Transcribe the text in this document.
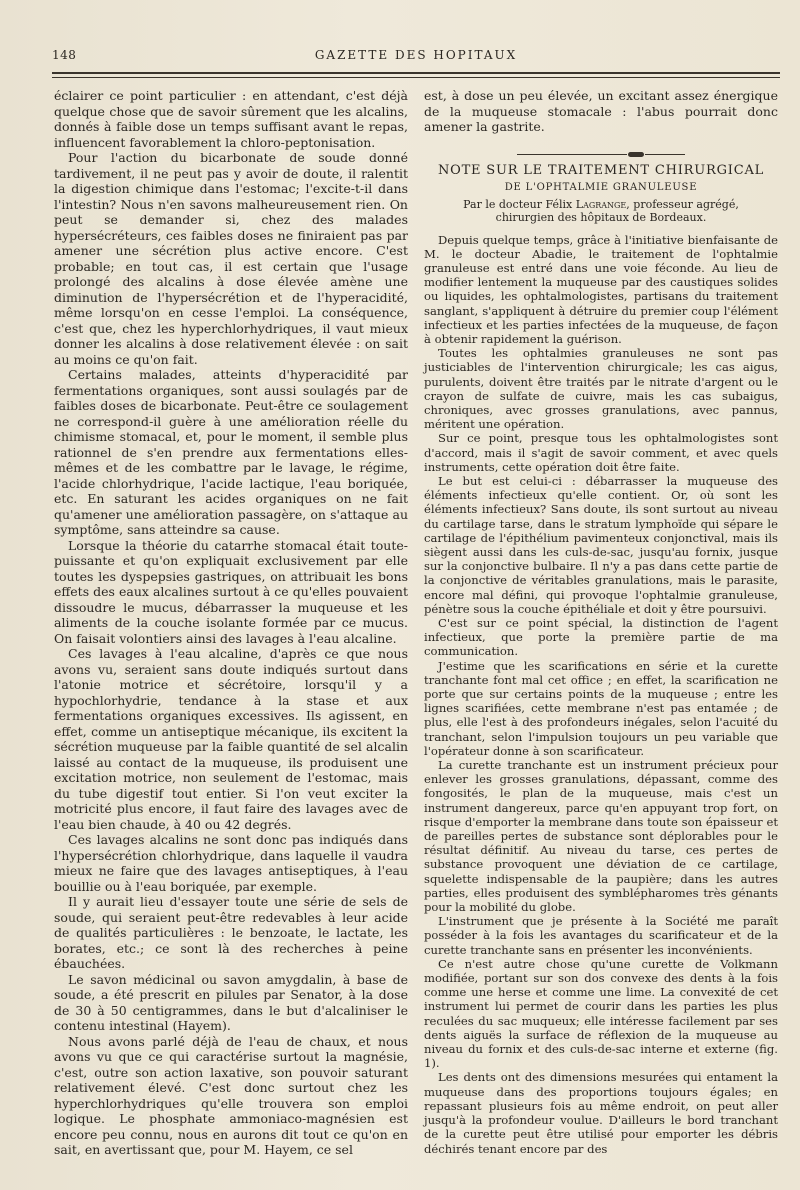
148	GAZETTE DES HOPITAUX

éclairer ce point particulier : en attendant, c'est déjà quelque chose que de savoir sûrement que les alcalins, donnés à faible dose un temps suffisant avant le repas, influencent favorablement la chloro-peptonisation.

Pour l'action du bicarbonate de soude donné tardivement, il ne peut pas y avoir de doute, il ralentit la digestion chimique dans l'estomac; l'excite-t-il dans l'intestin? Nous n'en savons malheureusement rien. On peut se demander si, chez des malades hypersécréteurs, ces faibles doses ne finiraient pas par amener une sécrétion plus active encore. C'est probable; en tout cas, il est certain que l'usage prolongé des alcalins à dose élevée amène une diminution de l'hypersécrétion et de l'hyperacidité, même lorsqu'on en cesse l'emploi. La conséquence, c'est que, chez les hyperchlorhydriques, il vaut mieux donner les alcalins à dose relativement élevée : on sait au moins ce qu'on fait.

Certains malades, atteints d'hyperacidité par fermentations organiques, sont aussi soulagés par de faibles doses de bicarbonate. Peut-être ce soulagement ne correspond-il guère à une amélioration réelle du chimisme stomacal, et, pour le moment, il semble plus rationnel de s'en prendre aux fermentations elles-mêmes et de les combattre par le lavage, le régime, l'acide chlorhydrique, l'acide lactique, l'eau boriquée, etc. En saturant les acides organiques on ne fait qu'amener une amélioration passagère, on s'attaque au symptôme, sans atteindre sa cause.

Lorsque la théorie du catarrhe stomacal était toute-puissante et qu'on expliquait exclusivement par elle toutes les dyspepsies gastriques, on attribuait les bons effets des eaux alcalines surtout à ce qu'elles pouvaient dissoudre le mucus, débarrasser la muqueuse et les aliments de la couche isolante formée par ce mucus. On faisait volontiers ainsi des lavages à l'eau alcaline.

Ces lavages à l'eau alcaline, d'après ce que nous avons vu, seraient sans doute indiqués surtout dans l'atonie motrice et sécrétoire, lorsqu'il y a hypochlorhydrie, tendance à la stase et aux fermentations organiques excessives. Ils agissent, en effet, comme un antiseptique mécanique, ils excitent la sécrétion muqueuse par la faible quantité de sel alcalin laissé au contact de la muqueuse, ils produisent une excitation motrice, non seulement de l'estomac, mais du tube digestif tout entier. Si l'on veut exciter la motricité plus encore, il faut faire des lavages avec de l'eau bien chaude, à 40 ou 42 degrés.

Ces lavages alcalins ne sont donc pas indiqués dans l'hypersécrétion chlorhydrique, dans laquelle il vaudra mieux ne faire que des lavages antiseptiques, à l'eau bouillie ou à l'eau boriquée, par exemple.

Il y aurait lieu d'essayer toute une série de sels de soude, qui seraient peut-être redevables à leur acide de qualités particulières : le benzoate, le lactate, les borates, etc.; ce sont là des recherches à peine ébauchées.

Le savon médicinal ou savon amygdalin, à base de soude, a été prescrit en pilules par Senator, à la dose de 30 à 50 centigrammes, dans le but d'alcaliniser le contenu intestinal (Hayem).

Nous avons parlé déjà de l'eau de chaux, et nous avons vu que ce qui caractérise surtout la magnésie, c'est, outre son action laxative, son pouvoir saturant relativement élevé. C'est donc surtout chez les hyperchlorhydriques qu'elle trouvera son emploi logique. Le phosphate ammoniaco-magnésien est encore peu connu, nous en aurons dit tout ce qu'on en sait, en avertissant que, pour M. Hayem, ce sel

est, à dose un peu élevée, un excitant assez énergique de la muqueuse stomacale : l'abus pourrait donc amener la gastrite.

NOTE SUR LE TRAITEMENT CHIRURGICAL
DE L'OPHTALMIE GRANULEUSE
Par le docteur Félix Lagrange, professeur agrégé, chirurgien des hôpitaux de Bordeaux.

Depuis quelque temps, grâce à l'initiative bienfaisante de M. le docteur Abadie, le traitement de l'ophtalmie granuleuse est entré dans une voie féconde. Au lieu de modifier lentement la muqueuse par des caustiques solides ou liquides, les ophtalmologistes, partisans du traitement sanglant, s'appliquent à détruire du premier coup l'élément infectieux et les parties infectées de la muqueuse, de façon à obtenir rapidement la guérison.

Toutes les ophtalmies granuleuses ne sont pas justiciables de l'intervention chirurgicale; les cas aigus, purulents, doivent être traités par le nitrate d'argent ou le crayon de sulfate de cuivre, mais les cas subaigus, chroniques, avec grosses granulations, avec pannus, méritent une opération.

Sur ce point, presque tous les ophtalmologistes sont d'accord, mais il s'agit de savoir comment, et avec quels instruments, cette opération doit être faite.

Le but est celui-ci : débarrasser la muqueuse des éléments infectieux qu'elle contient. Or, où sont les éléments infectieux? Sans doute, ils sont surtout au niveau du cartilage tarse, dans le stratum lymphoïde qui sépare le cartilage de l'épithélium pavimenteux conjonctival, mais ils siègent aussi dans les culs-de-sac, jusqu'au fornix, jusque sur la conjonctive bulbaire. Il n'y a pas dans cette partie de la conjonctive de véritables granulations, mais le parasite, encore mal défini, qui provoque l'ophtalmie granuleuse, pénètre sous la couche épithéliale et doit y être poursuivi.

C'est sur ce point spécial, la distinction de l'agent infectieux, que porte la première partie de ma communication.

J'estime que les scarifications en série et la curette tranchante font mal cet office ; en effet, la scarification ne porte que sur certains points de la muqueuse ; entre les lignes scarifiées, cette membrane n'est pas entamée ; de plus, elle l'est à des profondeurs inégales, selon l'acuité du tranchant, selon l'impulsion toujours un peu variable que l'opérateur donne à son scarificateur.

La curette tranchante est un instrument précieux pour enlever les grosses granulations, dépassant, comme des fongosités, le plan de la muqueuse, mais c'est un instrument dangereux, parce qu'en appuyant trop fort, on risque d'emporter la membrane dans toute son épaisseur et de pareilles pertes de substance sont déplorables pour le résultat définitif. Au niveau du tarse, ces pertes de substance provoquent une déviation de ce cartilage, squelette indispensable de la paupière; dans les autres parties, elles produisent des symblépharomes très génants pour la mobilité du globe.

L'instrument que je présente à la Société me paraît posséder à la fois les avantages du scarificateur et de la curette tranchante sans en présenter les inconvénients.

Ce n'est autre chose qu'une curette de Volkmann modifiée, portant sur son dos convexe des dents à la fois comme une herse et comme une lime. La convexité de cet instrument lui permet de courir dans les parties les plus reculées du sac muqueux; elle intéresse facilement par ses dents aiguës la surface de réflexion de la muqueuse au niveau du fornix et des culs-de-sac interne et externe (fig. 1).

Les dents ont des dimensions mesurées qui entament la muqueuse dans des proportions toujours égales; en repassant plusieurs fois au même endroit, on peut aller jusqu'à la profondeur voulue. D'ailleurs le bord tranchant de la curette peut être utilisé pour emporter les débris déchirés tenant encore par des
